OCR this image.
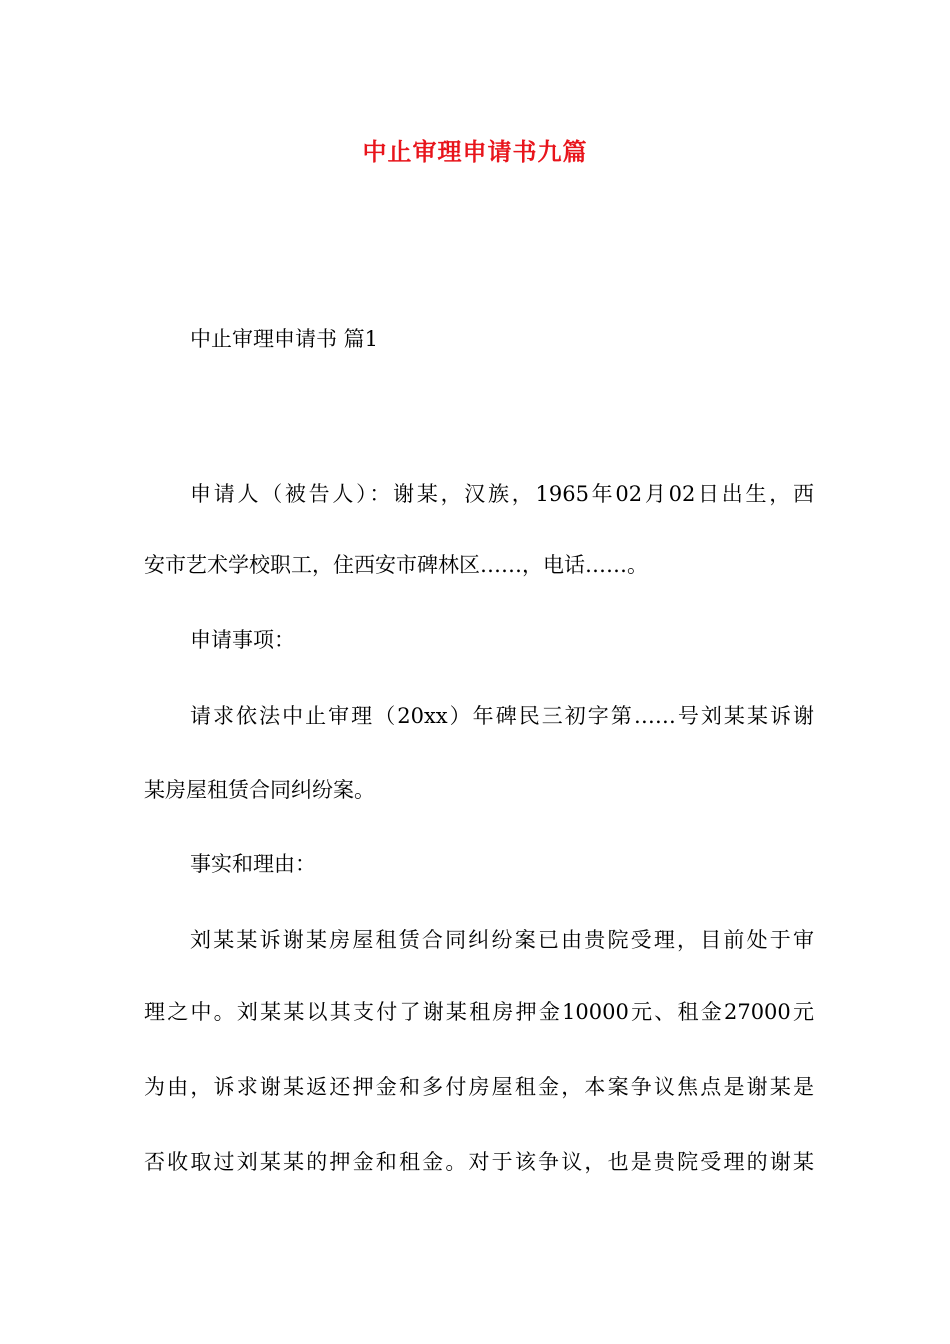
中止审理申请书九篇
中止审理申请书 篇1
申请人（被告人）：谢某，汉族，1965年02月02日出生，西
安市艺术学校职工，住西安市碑林区……，电话……。
申请事项：
请求依法中止审理（20xx）年碑民三初字第……号刘某某诉谢
某房屋租赁合同纠纷案。
事实和理由：
刘某某诉谢某房屋租赁合同纠纷案已由贵院受理，目前处于审
理之中。刘某某以其支付了谢某租房押金10000元、租金27000元
为由，诉求谢某返还押金和多付房屋租金，本案争议焦点是谢某是
否收取过刘某某的押金和租金。对于该争议，也是贵院受理的谢某
